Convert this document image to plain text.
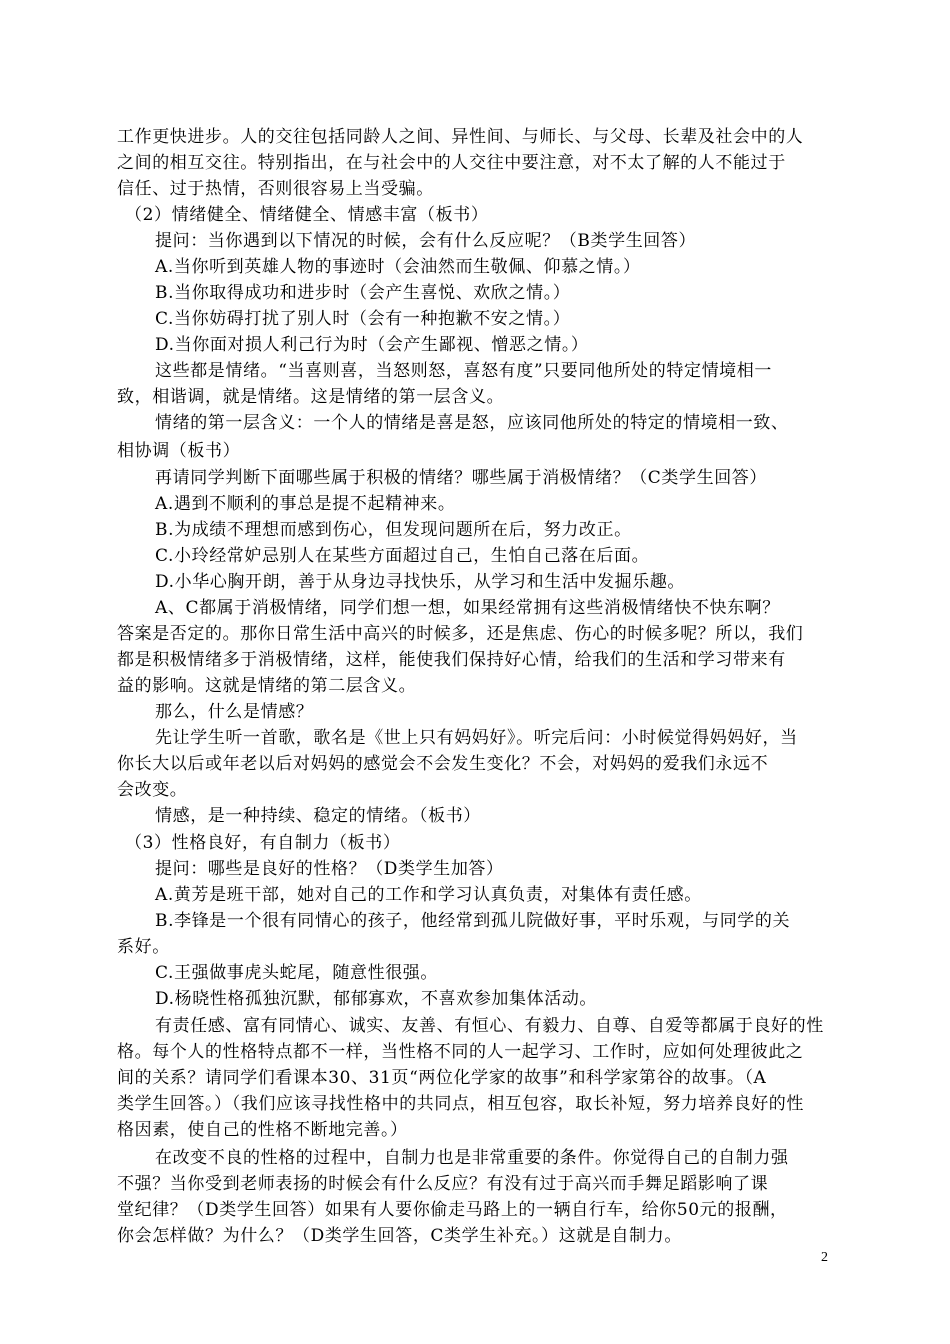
工作更快进步。人的交往包括同龄人之间、异性间、与师长、与父母、长辈及社会中的人
之间的相互交往。特别指出，在与社会中的人交往中要注意，对不太了解的人不能过于
信任、过于热情，否则很容易上当受骗。
（2）情绪健全、情绪健全、情感丰富（板书）
提问：当你遇到以下情况的时候，会有什么反应呢？（B类学生回答）
A.当你听到英雄人物的事迹时（会油然而生敬佩、仰慕之情。）
B.当你取得成功和进步时（会产生喜悦、欢欣之情。）
C.当你妨碍打扰了别人时（会有一种抱歉不安之情。）
D.当你面对损人利己行为时（会产生鄙视、憎恶之情。）
这些都是情绪。“当喜则喜，当怒则怒，喜怒有度”只要同他所处的特定情境相一
致，相谐调，就是情绪。这是情绪的第一层含义。
情绪的第一层含义：一个人的情绪是喜是怒，应该同他所处的特定的情境相一致、
相协调（板书）
再请同学判断下面哪些属于积极的情绪？哪些属于消极情绪？（C类学生回答）
A.遇到不顺利的事总是提不起精神来。
B.为成绩不理想而感到伤心，但发现问题所在后，努力改正。
C.小玲经常妒忌别人在某些方面超过自己，生怕自己落在后面。
D.小华心胸开朗，善于从身边寻找快乐，从学习和生活中发掘乐趣。
A、C都属于消极情绪，同学们想一想，如果经常拥有这些消极情绪快不快东啊？
答案是否定的。那你日常生活中高兴的时候多，还是焦虑、伤心的时候多呢？所以，我们
都是积极情绪多于消极情绪，这样，能使我们保持好心情，给我们的生活和学习带来有
益的影响。这就是情绪的第二层含义。
那么，什么是情感？
先让学生听一首歌，歌名是《世上只有妈妈好》。听完后问：小时候觉得妈妈好，当
你长大以后或年老以后对妈妈的感觉会不会发生变化？不会，对妈妈的爱我们永远不
会改变。
情感，是一种持续、稳定的情绪。（板书）
（3）性格良好，有自制力（板书）
提问：哪些是良好的性格？（D类学生加答）
A.黄芳是班干部，她对自己的工作和学习认真负责，对集体有责任感。
B.李锋是一个很有同情心的孩子，他经常到孤儿院做好事，平时乐观，与同学的关
系好。
C.王强做事虎头蛇尾，随意性很强。
D.杨晓性格孤独沉默，郁郁寡欢，不喜欢参加集体活动。
有责任感、富有同情心、诚实、友善、有恒心、有毅力、自尊、自爱等都属于良好的性
格。每个人的性格特点都不一样，当性格不同的人一起学习、工作时，应如何处理彼此之
间的关系？请同学们看课本30、31页“两位化学家的故事”和科学家第谷的故事。（A
类学生回答。）（我们应该寻找性格中的共同点，相互包容，取长补短，努力培养良好的性
格因素，使自己的性格不断地完善。）
在改变不良的性格的过程中，自制力也是非常重要的条件。你觉得自己的自制力强
不强？当你受到老师表扬的时候会有什么反应？有没有过于高兴而手舞足蹈影响了课
堂纪律？（D类学生回答）如果有人要你偷走马路上的一辆自行车，给你50元的报酬，
你会怎样做？为什么？（D类学生回答，C类学生补充。）这就是自制力。
2
